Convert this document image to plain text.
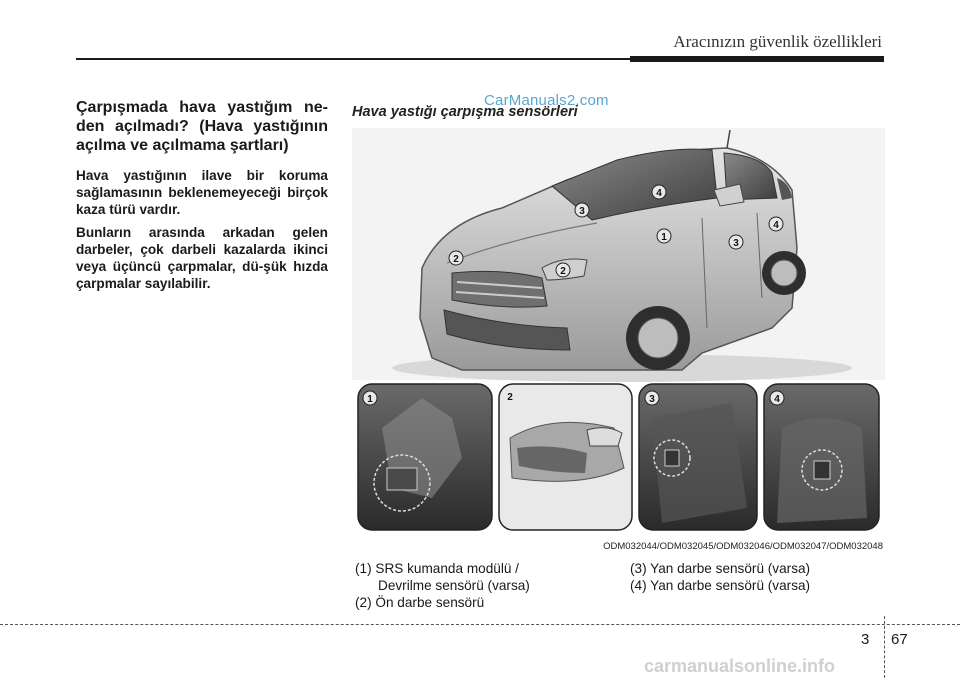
Aracınızın güvenlik özellikleri

Çarpışmada hava yastığım ne-den açılmadı? (Hava yastığının açılma ve açılmama şartları)

Hava yastığının ilave bir koruma sağlamasının beklenemeyeceği birçok kaza türü vardır.

Bunların arasında arkadan gelen darbeler, çok darbeli kazalarda ikinci veya üçüncü çarpmalar, dü-şük hızda çarpmalar sayılabilir.

Hava yastığı çarpışma sensörleri
CarManuals2.com
1
2
2
3
3
4
4
1	2	3	4
ODM032044/ODM032045/ODM032046/ODM032047/ODM032048
(1) SRS kumanda modülü /
Devrilme sensörü (varsa)
(2) Ön darbe sensörü
(3) Yan darbe sensörü (varsa)
(4) Yan darbe sensörü (varsa)
3 67
carmanualsonline.info
